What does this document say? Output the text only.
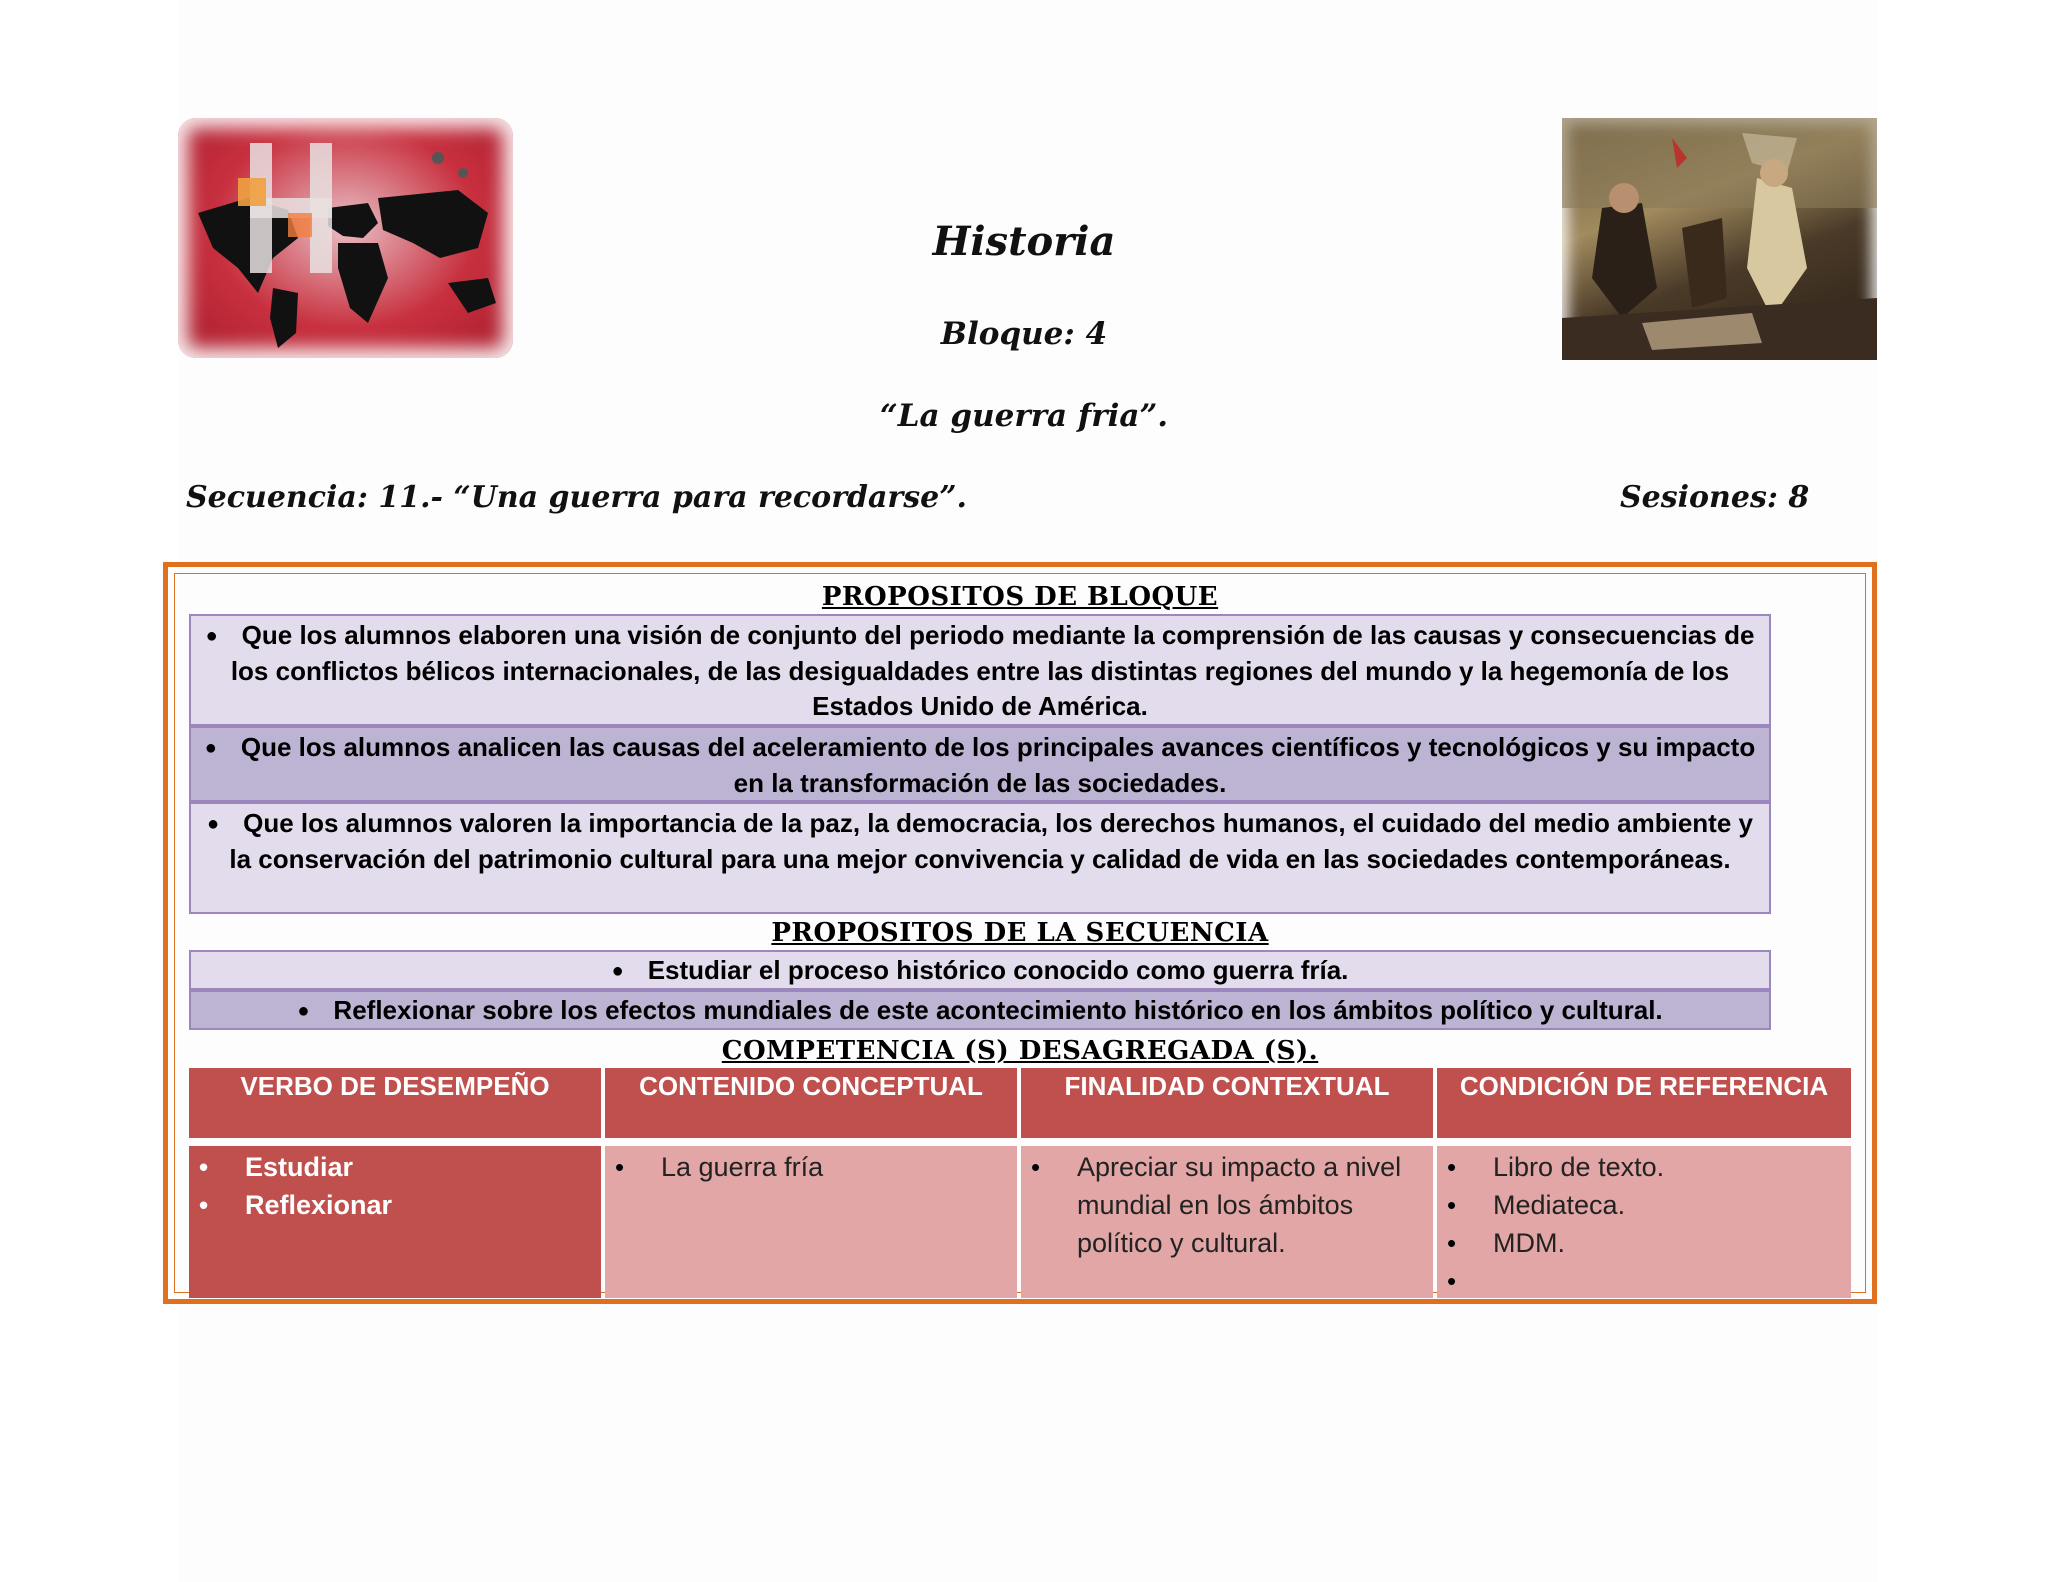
Historia
Bloque: 4
“La guerra fria”.
Secuencia: 11.- “Una guerra para recordarse”.	Sesiones: 8
PROPOSITOS DE BLOQUE
● Que los alumnos elaboren una visión de conjunto del periodo mediante la comprensión de las causas y consecuencias de los conflictos bélicos internacionales, de las desigualdades entre las distintas regiones del mundo y la hegemonía de los Estados Unido de América.
● Que los alumnos analicen las causas del aceleramiento de los principales avances científicos y tecnológicos y su impacto en la transformación de las sociedades.
● Que los alumnos valoren la importancia de la paz, la democracia, los derechos humanos, el cuidado del medio ambiente y la conservación del patrimonio cultural para una mejor convivencia y calidad de vida en las sociedades contemporáneas.
PROPOSITOS DE LA SECUENCIA
● Estudiar el proceso histórico conocido como guerra fría.
● Reflexionar sobre los efectos mundiales de este acontecimiento histórico en los ámbitos político y cultural.
COMPETENCIA (S) DESAGREGADA (S).
VERBO DE DESEMPEÑO	CONTENIDO CONCEPTUAL	FINALIDAD CONTEXTUAL	CONDICIÓN DE REFERENCIA
• Estudiar
• Reflexionar
• La guerra fría
•	Apreciar su impacto a nivel mundial en los ámbitos político y cultural.
• Libro de texto.
• Mediateca.
• MDM.
•
